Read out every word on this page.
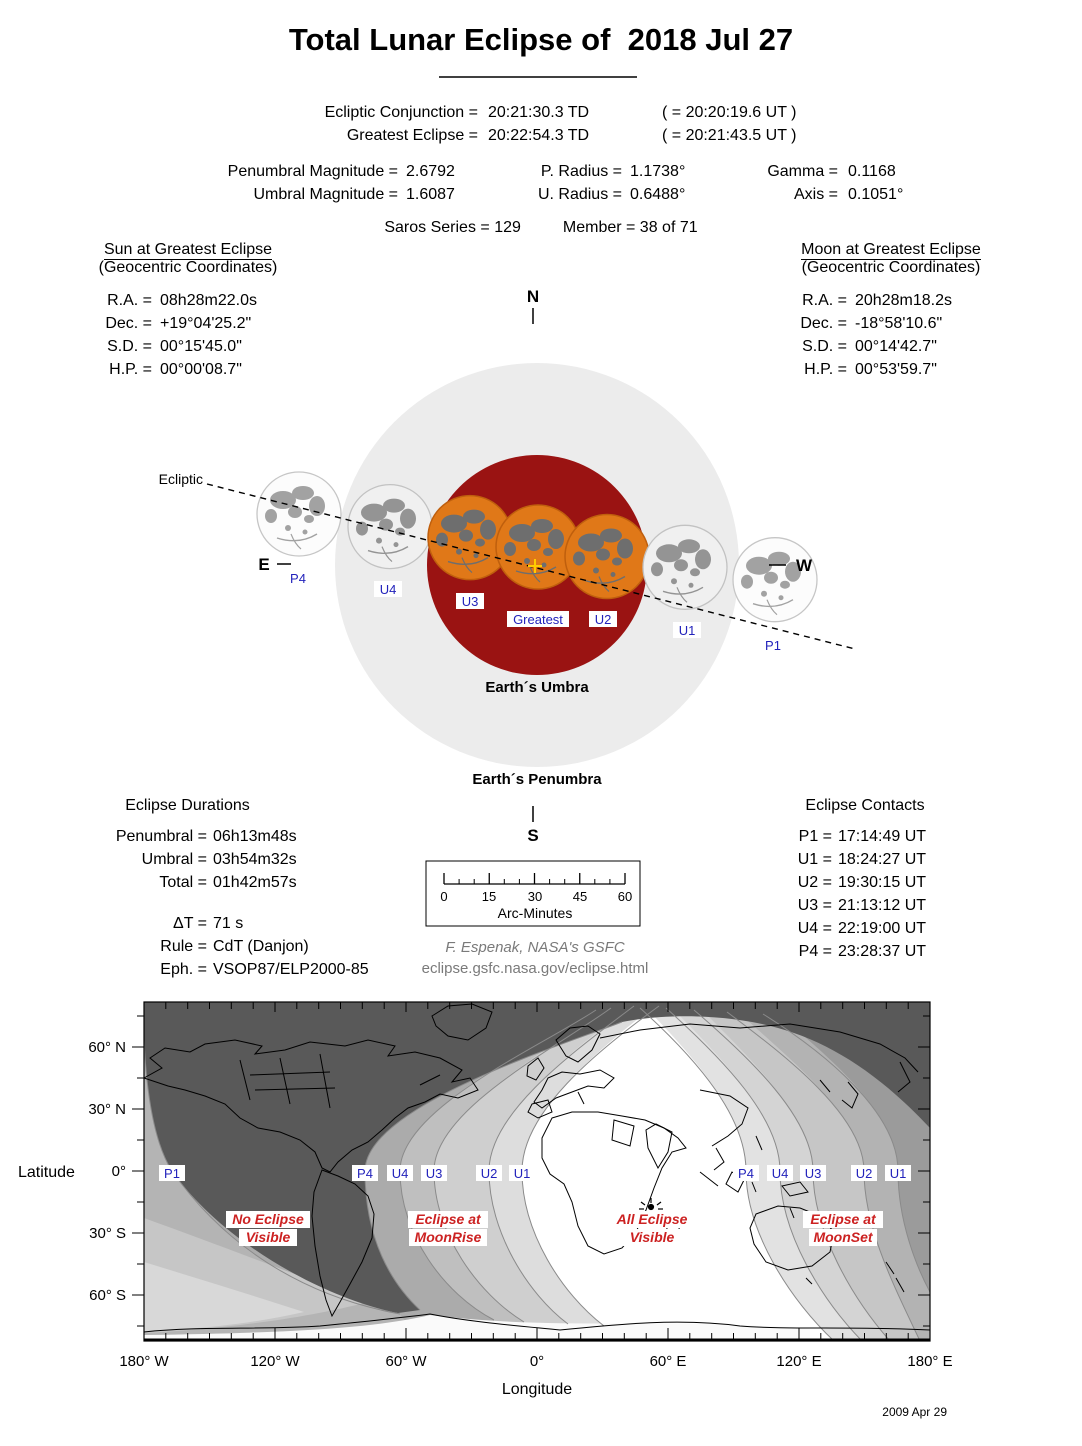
N
S
Ecliptic
E	W
P4
U4
U3
Greatest U2
U1
P1
Earth´s Umbra
Earth´s Penumbra
0	15 30 45 60
Arc-Minutes
F. Espenak, NASA's GSFC
eclipse.gsfc.nasa.gov/eclipse.html
P1	P4 U4 U3	U2 U1	P4 U4 U3	U2 U1
No Eclipse
Visible
Eclipse at
MoonRise
All Eclipse
Visible
Eclipse at
MoonSet
60° N
30° N
0°
30° S
60° S
Latitude
180° W	120° W	60° W	0°	60° E	120° E	180° E
Longitude
2009 Apr 29
Total Lunar Eclipse of  2018 Jul 27
Ecliptic Conjunction = 20:21:30.3 TD	( = 20:20:19.6 UT )
Greatest Eclipse = 20:22:54.3 TD	( = 20:21:43.5 UT )
Penumbral Magnitude = 2.6792	P. Radius = 1.1738°	Gamma = 0.1168
Umbral Magnitude = 1.6087	U. Radius = 0.6488°	Axis = 0.1051°
Saros Series = 129	Member = 38 of 71
Sun at Greatest Eclipse
(Geocentric Coordinates)
R.A. = 08h28m22.0s
Dec. = +19°04'25.2"
S.D. = 00°15'45.0"
H.P. = 00°00'08.7"
Moon at Greatest Eclipse
(Geocentric Coordinates)
R.A. = 20h28m18.2s
Dec. = -18°58'10.6"
S.D. = 00°14'42.7"
H.P. = 00°53'59.7"
Eclipse Durations
Penumbral = 06h13m48s
Umbral = 03h54m32s
Total = 01h42m57s
ΔT = 71 s
Rule = CdT (Danjon)
Eph. = VSOP87/ELP2000-85
Eclipse Contacts
P1 = 17:14:49 UT
U1 = 18:24:27 UT
U2 = 19:30:15 UT
U3 = 21:13:12 UT
U4 = 22:19:00 UT
P4 = 23:28:37 UT
